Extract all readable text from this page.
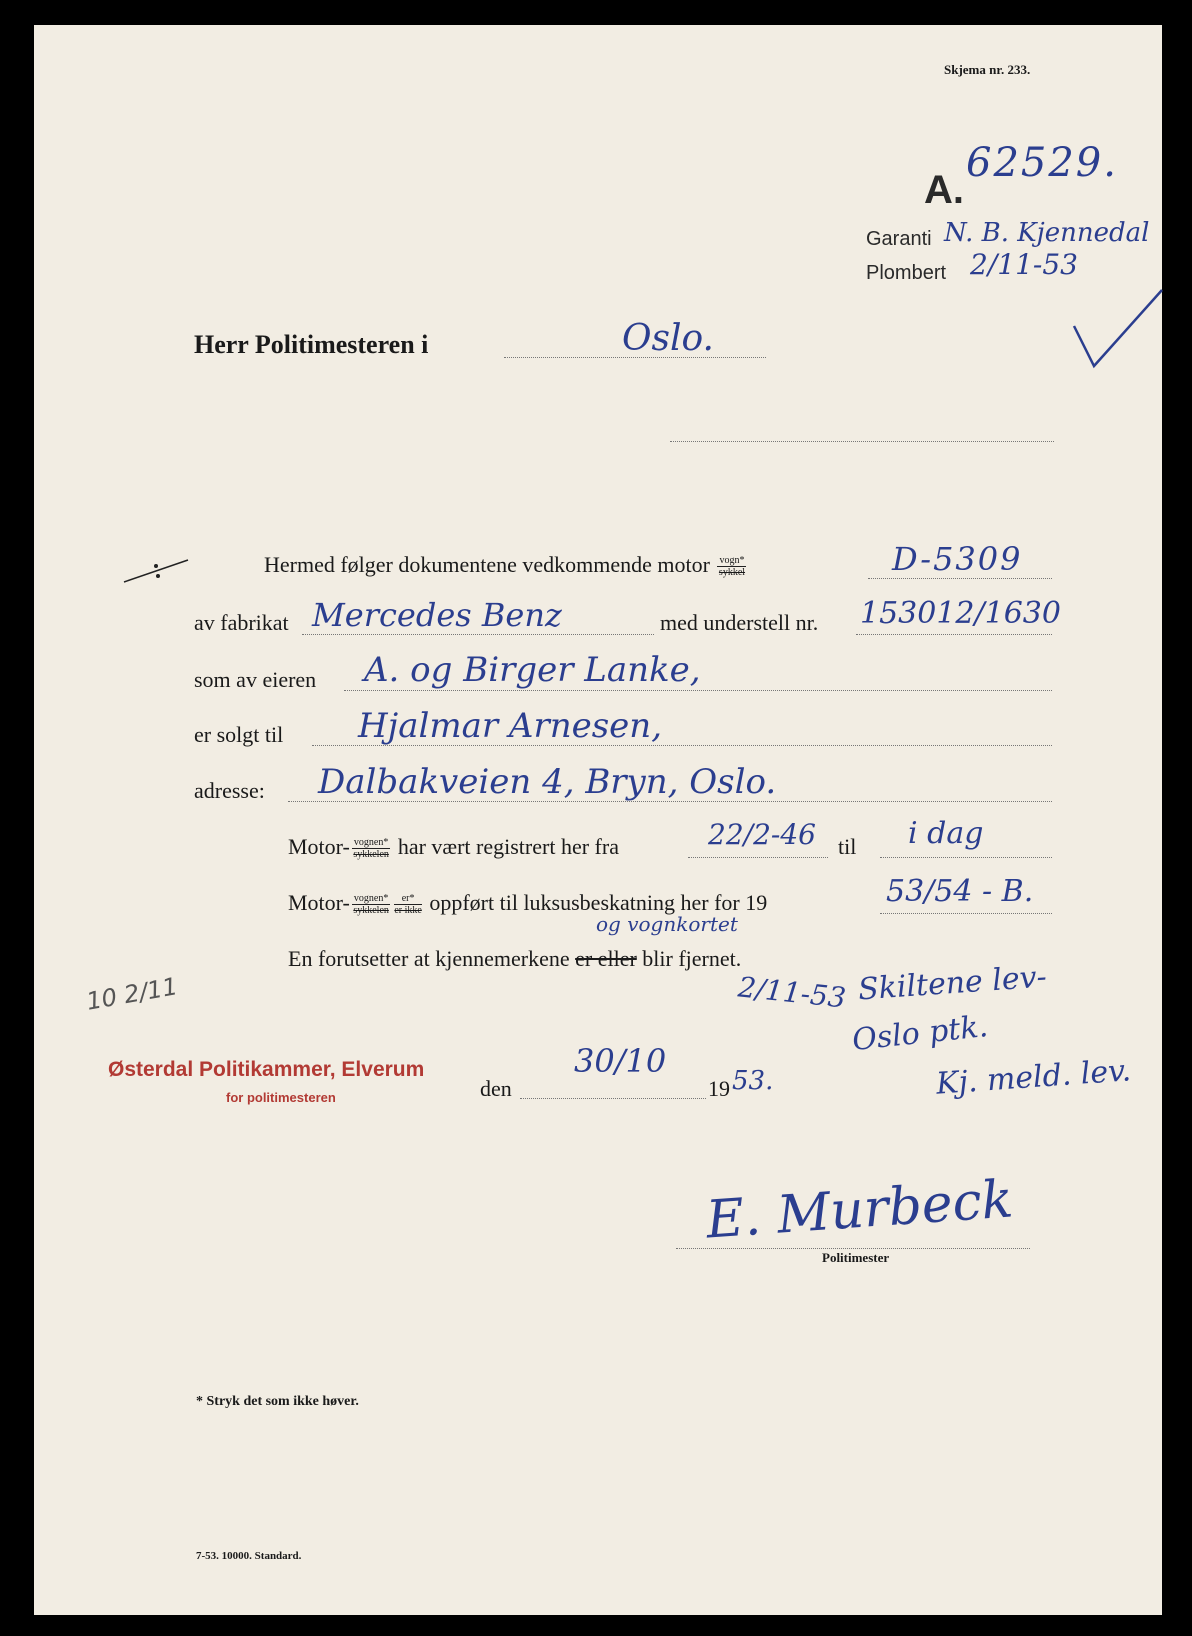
Skjema nr. 233.
A.
62529.
Garanti N. B. Kjennedal
Plombert 2/11-53
Herr Politimesteren i	Oslo.
Hermed følger dokumentene vedkommende motor $\frac{\text{vogn*}}{\text{sykkel}}$	D-5309
av fabrikat Mercedes Benz	med understell nr. 153012/1630
som av eieren A. og Birger Lanke,
er solgt til Hjalmar Arnesen,
adresse: Dalbakveien 4, Bryn, Oslo.
Motor- $\frac{\text{vognen*}}{\text{sykkelen}}$ har vært registrert her fra	22/2-46 til i dag
Motor- $\frac{\text{vognen*}}{\text{sykkelen}} \frac{er*}{\text{er ikke}}$ oppført til luksusbeskatning her for 19	53/54 - B.
og vognkortet
En forutsetter at kjennemerkene er eller blir fjernet.
2/11-53 Skiltene lev-
Oslo ptk.
Kj. meld. lev.
10 2/11
Østerdal Politikammer, Elverum
for politimesteren	den
30/10
19 53.
E. Murbeck
Politimester
* Stryk det som ikke høver.
7-53. 10000. Standard.
